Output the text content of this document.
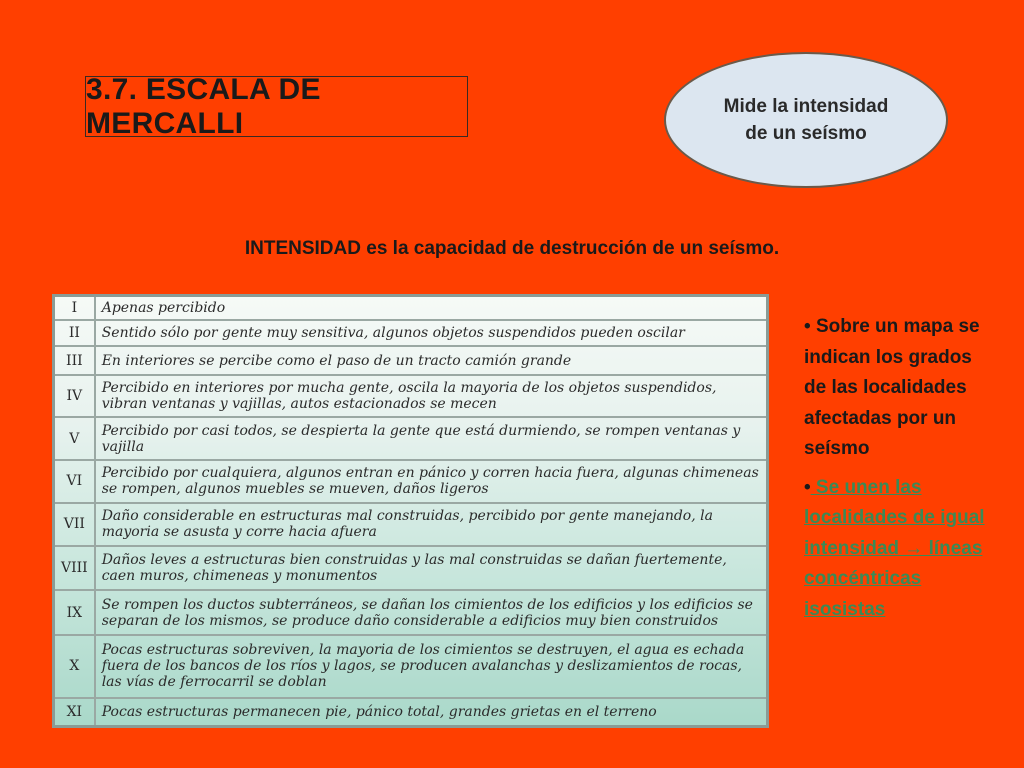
3.7. ESCALA DE MERCALLI	Mide la intensidad
de un seísmo
INTENSIDAD es la capacidad de destrucción de un seísmo.
I	Apenas percibido
II	Sentido sólo por gente muy sensitiva, algunos objetos suspendidos pueden oscilar
III	En interiores se percibe como el paso de un tracto camión grande
IV	Percibido en interiores por mucha gente, oscila la mayoria de los objetos suspendidos, vibran ventanas y vajillas, autos estacionados se mecen
V	Percibido por casi todos, se despierta la gente que está durmiendo, se rompen ventanas y vajilla
VI	Percibido por cualquiera, algunos entran en pánico y corren hacia fuera, algunas chimeneas se rompen, algunos muebles se mueven, daños ligeros
VII	Daño considerable en estructuras mal construidas, percibido por gente manejando, la mayoria se asusta y corre hacia afuera
VIII	Daños leves a estructuras bien construidas y las mal construidas se dañan fuertemente, caen muros, chimeneas y monumentos
IX	Se rompen los ductos subterráneos, se dañan los cimientos de los edificios y los edificios se separan de los mismos, se produce daño considerable a edificios muy bien construidos
X	Pocas estructuras sobreviven, la mayoria de los cimientos se destruyen, el agua es echada fuera de los bancos de los ríos y lagos, se producen avalanchas y deslizamientos de rocas, las vías de ferrocarril se doblan
XI	Pocas estructuras permanecen pie, pánico total, grandes grietas en el terreno

• Sobre un mapa se indican los grados de las localidades afectadas por un seísmo

• Se unen las localidades de igual intensidad → líneas concéntricas isosistas
